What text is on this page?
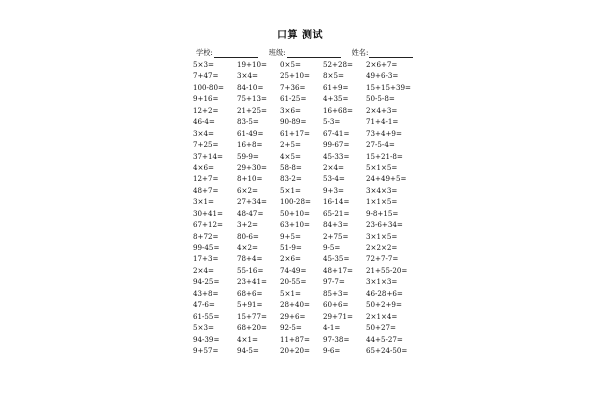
口算 测试
学校:	班级:	姓名:
5×3=	19+10=	0×5=	52+28=	2×6+7=
7+47=	3×4=	25+10=	8×5=	49+6-3=
100-80=	84-10=	7+36=	61+9=	15+15+39=
9+16=	75+13=	61-25=	4+35=	50-5-8=
12+2=	21+25=	3×6=	16+68=	2×4+3=
46-4=	83-5=	90-89=	5-3=	71+4-1=
3×4=	61-49=	61+17=	67-41=	73+4+9=
7+25=	16+8=	2+5=	99-67=	27-5-4=
37+14=	59-9=	4×5=	45-33=	15+21-8=
4×6=	29+30=	58-8=	2×4=	5×1×5=
12+7=	8+10=	83-2=	53-4=	24+49+5=
48+7=	6×2=	5×1=	9+3=	3×4×3=
3×1=	27+34=	100-28=	16-14=	1×1×5=
30+41=	48-47=	50+10=	65-21=	9-8+15=
67+12=	3+2=	63+10=	84+3=	23-6+34=
8+72=	80-6=	9+5=	2+75=	3×1×5=
99-45=	4×2=	51-9=	9-5=	2×2×2=
17+3=	78+4=	2×6=	45-35=	72+7-7=
2×4=	55-16=	74-49=	48+17=	21+55-20=
94-25=	23+41=	20-55=	97-7=	3×1×3=
43+8=	68+6=	5×1=	85+3=	46-28+6=
47-6=	5+91=	28+40=	60+6=	50+2+9=
61-55=	15+77=	29+6=	29+71=	2×1×4=
5×3=	68+20=	92-5=	4-1=	50+27=
94-39=	4×1=	11+87=	97-38=	44+5-27=
9+57=	94-5=	20+20=	9-6=	65+24-50=
